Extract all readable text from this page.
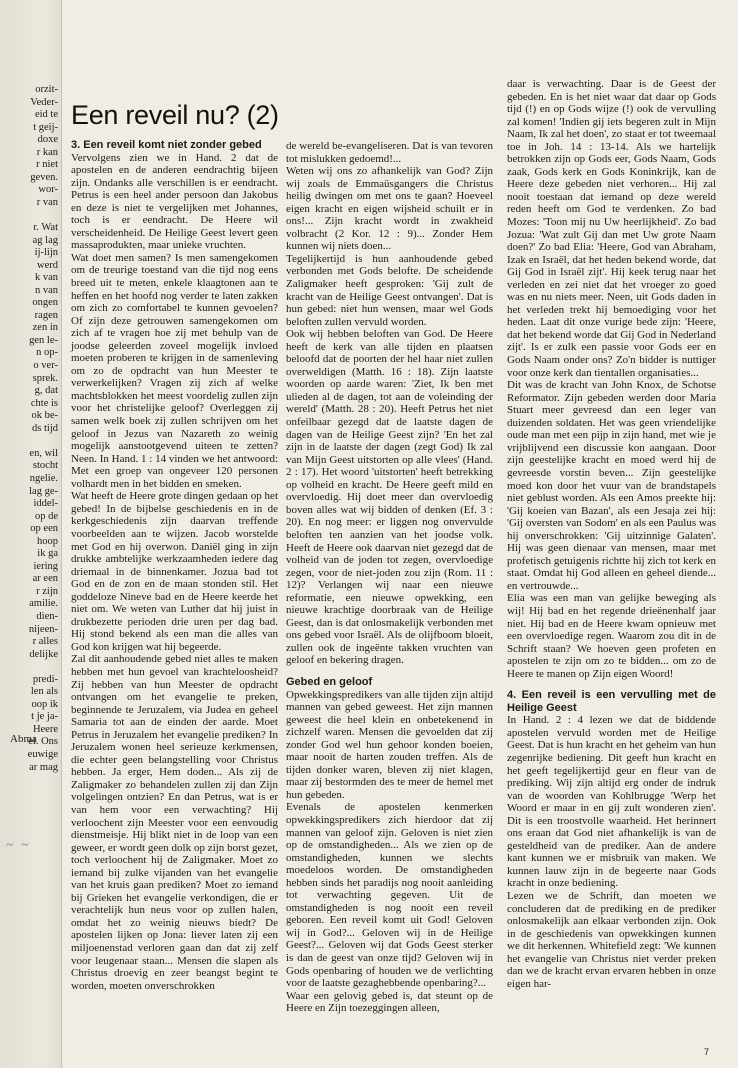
orzit-
Veder-
eid te
t geij-
doxe
r kan
r niet
geven.
wor-
r van
r. Wat
ag lag
ij-lijn
werd
k van
n van
ongen
ragen
zen in
gen le-
n op-
o ver-
sprek.
g, dat
chte is
ok be-
ds tijd
en, wil
stocht
ngelie.
lag ge-
iddel-
op de
op een
hoop
ik ga
iering
ar een
r zijn
amilie.
dien-
nijeen-
r alles
delijke
predi-
len als
oop ik
t je ja-
Heere
el. Ons
euwige
ar mag
Abma
~ ~
Een reveil nu? (2)
3. Een reveil komt niet zonder gebed

Vervolgens zien we in Hand. 2 dat de apostelen en de anderen eendrachtig bijeen zijn. Ondanks alle verschillen is er eendracht. Petrus is een heel ander persoon dan Jakobus en deze is niet te vergelijken met Johannes, toch is er eendracht. De Heere wil verscheidenheid. De Heilige Geest levert geen massaprodukten, maar unieke vruchten.

Wat doet men samen? Is men samengekomen om de treurige toestand van die tijd nog eens breed uit te meten, enkele klaagtonen aan te heffen en het hoofd nog verder te laten zakken om zich zo comfortabel te kunnen gevoelen? Of zijn deze getrouwen samengekomen om zich af te vragen hoe zij met behulp van de joodse geleerden zoveel mogelijk invloed moeten proberen te krijgen in de samenleving om zo de opdracht van hun Meester te verwerkelijken? Vragen zij zich af welke machtsblokken het meest voordelig zullen zijn voor het christelijke geloof? Overleggen zij samen welk boek zij zullen schrijven om het geloof in Jezus van Nazareth zo weinig mogelijk aanstootgevend uiteen te zetten? Neen. In Hand. 1 : 14 vinden we het antwoord: Met een groep van ongeveer 120 personen volhardt men in het bidden en smeken.

Wat heeft de Heere grote dingen gedaan op het gebed! In de bijbelse geschiedenis en in de kerkgeschiedenis zijn daarvan treffende voorbeelden aan te wijzen. Jacob worstelde met God en hij overwon. Daniël ging in zijn drukke ambtelijke werkzaamheden iedere dag driemaal in de binnenkamer. Jozua bad tot God en de zon en de maan stonden stil. Het goddeloze Nineve bad en de Heere keerde het niet om. We weten van Luther dat hij juist in drukbezette perioden drie uren per dag bad. Hij stond bekend als een man die alles van God kon krijgen wat hij begeerde.

Zal dit aanhoudende gebed niet alles te maken hebben met hun gevoel van krachteloosheid? Zij hebben van hun Meester de opdracht ontvangen om het evangelie te preken, beginnende te Jeruzalem, via Judea en geheel Samaria tot aan de einden der aarde. Moet Petrus in Jeruzalem het evangelie prediken? In Jeruzalem wonen heel serieuze kerkmensen, die echter geen belangstelling voor Christus hebben. Ja erger, Hem doden... Als zij de Zaligmaker zo behandelen zullen zij dan Zijn volgelingen ontzien? En dan Petrus, wat is er van hem voor een verwachting? Hij verloochent zijn Meester voor een eenvoudig dienstmeisje. Hij blikt niet in de loop van een geweer, er wordt geen dolk op zijn borst gezet, toch verloochent hij de Zaligmaker. Moet zo iemand bij zulke vijanden van het evangelie van het kruis gaan prediken? Moet zo iemand bij Grieken het evangelie verkondigen, die er verachtelijk hun neus voor op zullen halen, omdat het zo weinig nieuws biedt? De apostelen lijken op Jona: liever laten zij een miljoenenstad verloren gaan dan dat zij zelf voor leugenaar staan... Mensen die slapen als Christus droevig en zeer beangst begint te worden, moeten onverschrokken

de wereld be-evangeliseren. Dat is van tevoren tot mislukken gedoemd!...

Weten wij ons zo afhankelijk van God? Zijn wij zoals de Emmaüsgangers die Christus heilig dwingen om met ons te gaan? Hoeveel eigen kracht en eigen wijsheid schuilt er in ons!... Zijn kracht wordt in zwakheid volbracht (2 Kor. 12 : 9)... Zonder Hem kunnen wij niets doen...

Tegelijkertijd is hun aanhoudende gebed verbonden met Gods belofte. De scheidende Zaligmaker heeft gesproken: 'Gij zult de kracht van de Heilige Geest ontvangen'. Dat is hun gebed: niet hun wensen, maar wel Gods beloften zullen vervuld worden.

Ook wij hebben beloften van God. De Heere heeft de kerk van alle tijden en plaatsen beloofd dat de poorten der hel haar niet zullen overweldigen (Matth. 16 : 18). Zijn laatste woorden op aarde waren: 'Ziet, Ik ben met ulieden al de dagen, tot aan de voleinding der wereld' (Matth. 28 : 20). Heeft Petrus het niet onfeilbaar gezegd dat de laatste dagen de dagen van de Heilige Geest zijn? 'En het zal zijn in de laatste der dagen (zegt God) Ik zal van Mijn Geest uitstorten op alle vlees' (Hand. 2 : 17). Het woord 'uitstorten' heeft betrekking op volheid en kracht. De Heere geeft mild en overvloedig. Hij doet meer dan overvloedig boven alles wat wij bidden of denken (Ef. 3 : 20). En nog meer: er liggen nog onvervulde beloften ten aanzien van het joodse volk. Heeft de Heere ook daarvan niet gezegd dat de volheid van de joden tot zegen, overvloedige zegen, voor de niet-joden zou zijn (Rom. 11 : 12)? Verlangen wij naar een nieuwe reformatie, een nieuwe opwekking, een nieuwe krachtige doorbraak van de Heilige Geest, dan is dat onlosmakelijk verbonden met ons gebed voor Israël. Als de olijfboom bloeit, zullen ook de ingeënte takken vruchten van geloof en bekering dragen.

Gebed en geloof

Opwekkingspredikers van alle tijden zijn altijd mannen van gebed geweest. Het zijn mannen geweest die heel klein en onbetekenend in zichzelf waren. Mensen die gevoelden dat zij zonder God wel hun gehoor konden boeien, maar nooit de harten zouden treffen. Als de tijden donker waren, bleven zij niet klagen, maar zij bestormden des te meer de hemel met hun gebeden.

Evenals de apostelen kenmerken opwekkingspredikers zich hierdoor dat zij mannen van geloof zijn. Geloven is niet zien op de omstandigheden... Als we zien op de omstandigheden, kunnen we slechts moedeloos worden. De omstandigheden hebben sinds het paradijs nog nooit aanleiding tot verwachting gegeven. Uit de omstandigheden is nog nooit een reveil geboren. Een reveil komt uit God! Geloven wij in God?... Geloven wij in de Heilige Geest?... Geloven wij dat Gods Geest sterker is dan de geest van onze tijd? Geloven wij in Gods openbaring of houden we de verlichting voor de laatste gezaghebbende openbaring?...

Waar een gelovig gebed is, dat steunt op de Heere en Zijn toezeggingen alleen,

daar is verwachting. Daar is de Geest der gebeden. En is het niet waar dat daar op Gods tijd (!) en op Gods wijze (!) ook de vervulling zal komen! 'Indien gij iets begeren zult in Mijn Naam, Ik zal het doen', zo staat er tot tweemaal toe in Joh. 14 : 13-14. Als we hartelijk betrokken zijn op Gods eer, Gods Naam, Gods zaak, Gods kerk en Gods Koninkrijk, kan de Heere deze gebeden niet verhoren... Hij zal nooit toestaan dat iemand op deze wereld reden heeft om God te verdenken. Zo bad Mozes: 'Toon mij nu Uw heerlijkheid'. Zo bad Jozua: 'Wat zult Gij dan met Uw grote Naam doen?' Zo bad Elia: 'Heere, God van Abraham, Izak en Israël, dat het heden bekend worde, dat Gij God in Israël zijt'. Hij keek terug naar het verleden en zei niet dat het vroeger zo goed was en nu niets meer. Neen, uit Gods daden in het verleden trekt hij bemoediging voor het heden. Laat dit onze vurige bede zijn: 'Heere, dat het bekend worde dat Gij God in Nederland zijt'. Is er zulk een passie voor Gods eer en Gods Naam onder ons? Zo'n bidder is nuttiger voor onze kerk dan tientallen organisaties...

Dit was de kracht van John Knox, de Schotse Reformator. Zijn gebeden werden door Maria Stuart meer gevreesd dan een leger van duizenden soldaten. Het was geen vriendelijke oude man met een pijp in zijn hand, met wie je vrijblijvend een discussie kon aangaan. Door zijn geestelijke kracht en moed werd hij de gevreesde vorstin beven... Zijn geestelijke moed kon door het vuur van de brandstapels niet geblust worden. Als een Amos preekte hij: 'Gij koeien van Bazan', als een Jesaja zei hij: 'Gij oversten van Sodom' en als een Paulus was hij onverschrokken: 'Gij uitzinnige Galaten'. Hij was geen dienaar van mensen, maar met profetisch getuigenis richtte hij zich tot kerk en staat. Omdat hij God alleen en geheel diende... en vertrouwde...

Elia was een man van gelijke beweging als wij! Hij bad en het regende drieënenhalf jaar niet. Hij bad en de Heere kwam opnieuw met een overvloedige regen. Waarom zou dit in de Schrift staan? We hoeven geen profeten en apostelen te zijn om zo te bidden... om zo de Heere te manen op Zijn eigen Woord!

4. Een reveil is een vervulling met de Heilige Geest

In Hand. 2 : 4 lezen we dat de biddende apostelen vervuld worden met de Heilige Geest. Dat is hun kracht en het geheim van hun zegenrijke bediening. Dit geeft hun kracht en het geeft tegelijkertijd geur en fleur van de prediking. Wij zijn altijd erg onder de indruk van de woorden van Kohlbrugge 'Werp het Woord er maar in en gij zult wonderen zien'. Dit is een troostvolle waarheid. Het herinnert ons eraan dat God niet afhankelijk is van de gesteldheid van de prediker. Aan de andere kant kunnen we er misbruik van maken. We kunnen lauw zijn in de begeerte naar Gods kracht in onze bediening.

Lezen we de Schrift, dan moeten we concluderen dat de prediking en de prediker onlosmakelijk aan elkaar verbonden zijn. Ook in de geschiedenis van opwekkingen kunnen we dit herkennen. Whitefield zegt: 'We kunnen het evangelie van Christus niet verder preken dan we de kracht ervan ervaren hebben in onze eigen har-

7
